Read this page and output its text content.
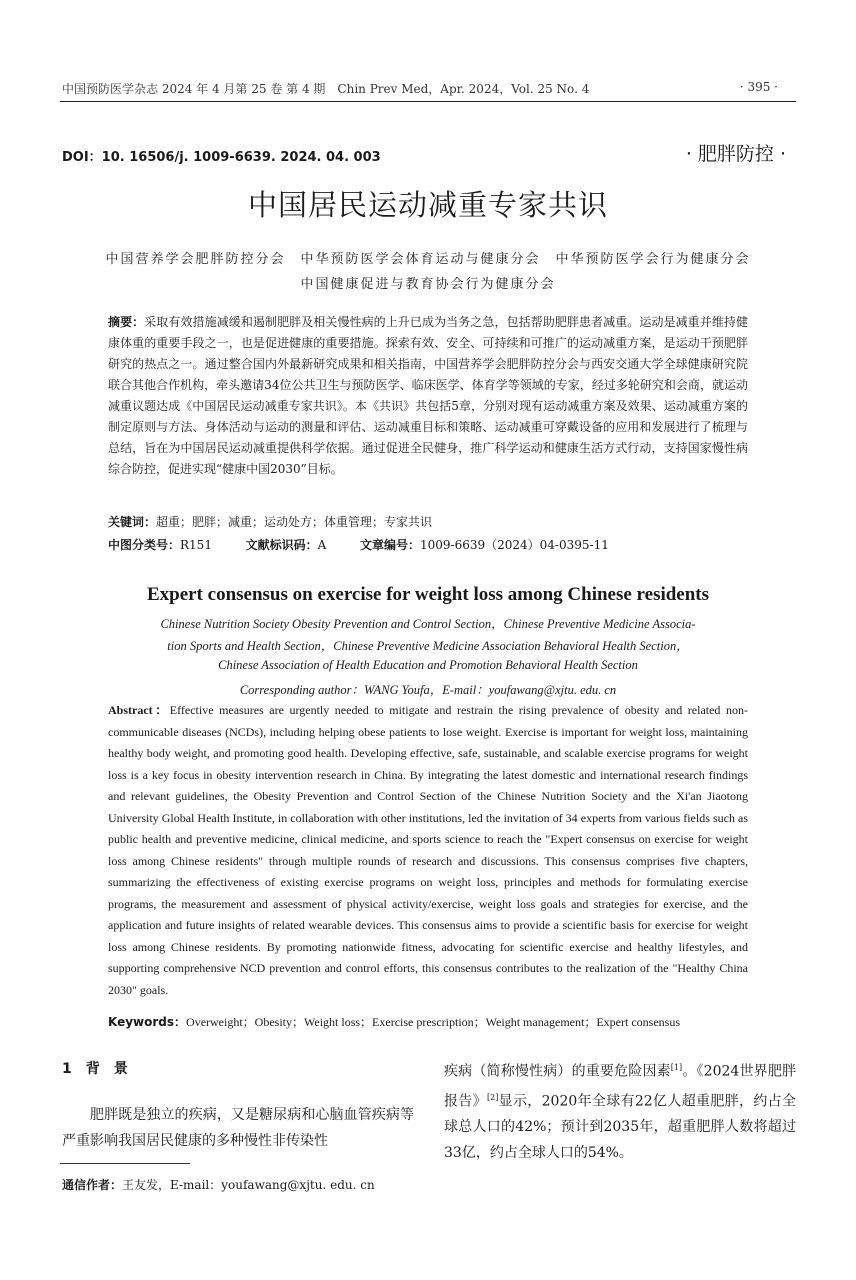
中国预防医学杂志 2024 年 4 月第 25 卷 第 4 期　Chin Prev Med，Apr. 2024，Vol. 25 No. 4	· 395 ·
DOI：10. 16506/j. 1009-6639. 2024. 04. 003	· 肥胖防控 ·
中国居民运动减重专家共识
中国营养学会肥胖防控分会　中华预防医学会体育运动与健康分会　中华预防医学会行为健康分会
中国健康促进与教育协会行为健康分会
摘要：采取有效措施减缓和遏制肥胖及相关慢性病的上升已成为当务之急，包括帮助肥胖患者减重。运动是减重并维持健康体重的重要手段之一，也是促进健康的重要措施。探索有效、安全、可持续和可推广的运动减重方案，是运动干预肥胖研究的热点之一。通过整合国内外最新研究成果和相关指南，中国营养学会肥胖防控分会与西安交通大学全球健康研究院联合其他合作机构，牵头邀请34位公共卫生与预防医学、临床医学、体育学等领域的专家，经过多轮研究和会商，就运动减重议题达成《中国居民运动减重专家共识》。本《共识》共包括5章，分别对现有运动减重方案及效果、运动减重方案的制定原则与方法、身体活动与运动的测量和评估、运动减重目标和策略、运动减重可穿戴设备的应用和发展进行了梳理与总结，旨在为中国居民运动减重提供科学依据。通过促进全民健身，推广科学运动和健康生活方式行动，支持国家慢性病综合防控，促进实现“健康中国2030”目标。
关键词：超重；肥胖；减重；运动处方；体重管理；专家共识
中图分类号：R151	文献标识码：A	文章编号：1009-6639（2024）04-0395-11
Expert consensus on exercise for weight loss among Chinese residents
Chinese Nutrition Society Obesity Prevention and Control Section，Chinese Preventive Medicine Associa-
tion Sports and Health Section，Chinese Preventive Medicine Association Behavioral Health Section，
Chinese Association of Health Education and Promotion Behavioral Health Section
Corresponding author：WANG Youfa，E-mail：youfawang@xjtu. edu. cn
Abstract：Effective measures are urgently needed to mitigate and restrain the rising prevalence of obesity and related non-communicable diseases (NCDs), including helping obese patients to lose weight. Exercise is important for weight loss, maintaining healthy body weight, and promoting good health. Developing effective, safe, sustainable, and scalable exercise programs for weight loss is a key focus in obesity intervention research in China. By integrating the latest domestic and international research findings and relevant guidelines, the Obesity Prevention and Control Section of the Chinese Nutrition Society and the Xi'an Jiaotong University Global Health Institute, in collaboration with other institutions, led the invitation of 34 experts from various fields such as public health and preventive medicine, clinical medicine, and sports science to reach the "Expert consensus on exercise for weight loss among Chinese residents" through multiple rounds of research and discussions. This consensus comprises five chapters, summarizing the effectiveness of existing exercise programs on weight loss, principles and methods for formulating exercise programs, the measurement and assessment of physical activity/exercise, weight loss goals and strategies for exercise, and the application and future insights of related wearable devices. This consensus aims to provide a scientific basis for exercise for weight loss among Chinese residents. By promoting nationwide fitness, advocating for scientific exercise and healthy lifestyles, and supporting comprehensive NCD prevention and control efforts, this consensus contributes to the realization of the "Healthy China 2030" goals.
Keywords：Overweight；Obesity；Weight loss；Exercise prescription；Weight management；Expert consensus
1　背　景
肥胖既是独立的疾病，又是糖尿病和心脑血管疾病等严重影响我国居民健康的多种慢性非传染性
疾病（简称慢性病）的重要危险因素[1]。《2024世界肥胖报告》[2]显示，2020年全球有22亿人超重肥胖，约占全球总人口的42%；预计到2035年，超重肥胖人数将超过33亿，约占全球人口的54%。
通信作者：王友发，E-mail：youfawang@xjtu. edu. cn
